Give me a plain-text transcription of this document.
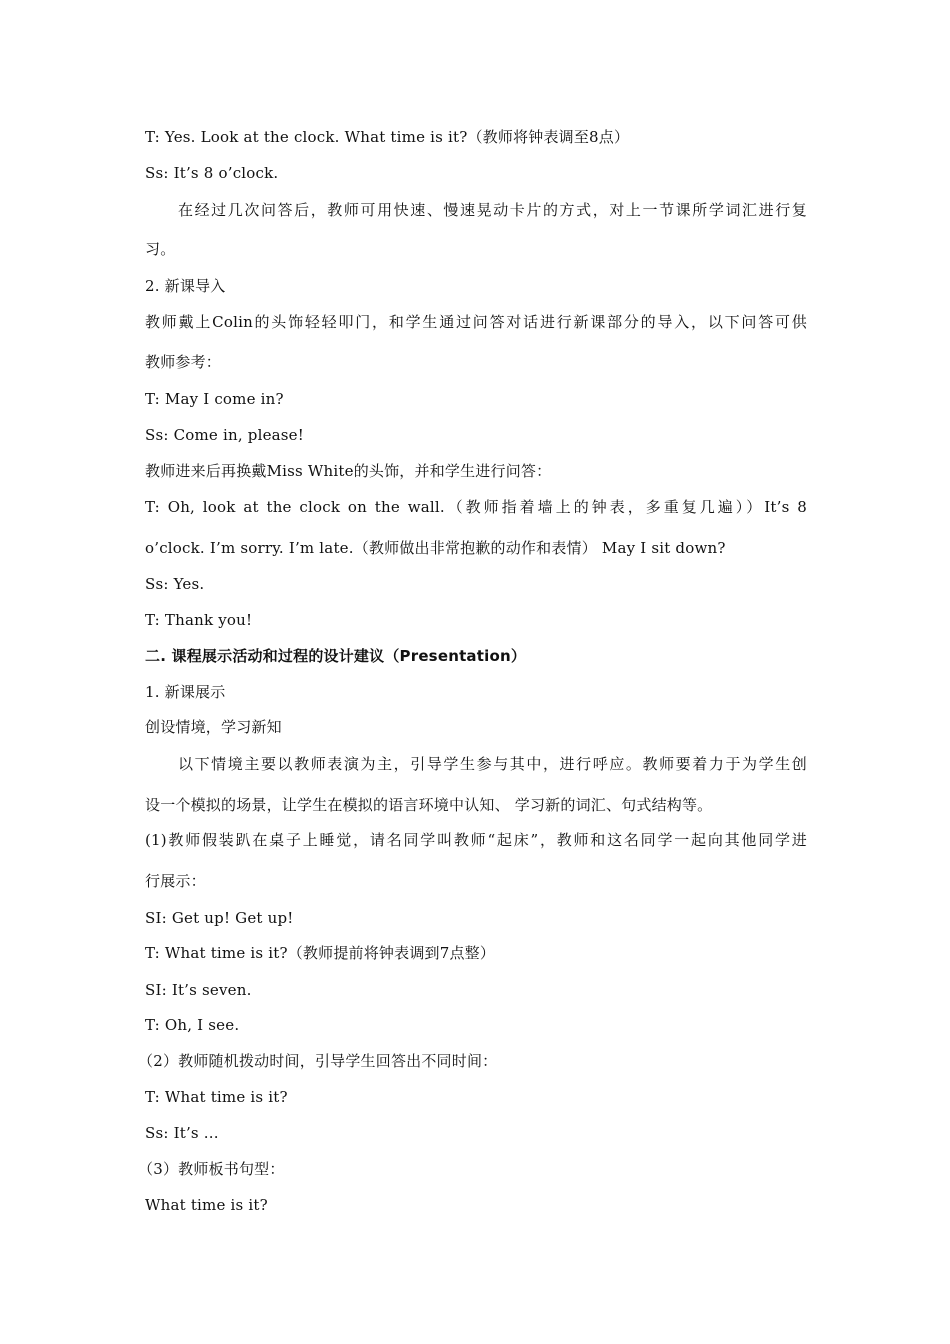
T: Yes. Look at the clock. What time is it?（教师将钟表调至8点）
Ss: It’s 8 o’clock.
在经过几次问答后，教师可用快速、慢速晃动卡片的方式，对上一节课所学词汇进行复
习。
2. 新课导入
教师戴上Colin的头饰轻轻叩门，和学生通过问答对话进行新课部分的导入，以下问答可供
教师参考：
T: May I come in?
Ss: Come in, please!
教师进来后再换戴Miss White的头饰，并和学生进行问答：
T: Oh, look at the clock on the wall.（教师指着墙上的钟表，多重复几遍））It’s 8
o’clock. I’m sorry. I’m late.（教师做出非常抱歉的动作和表情） May I sit down?
Ss: Yes.
T: Thank you!
二. 课程展示活动和过程的设计建议（Presentation）
1. 新课展示
创设情境，学习新知
以下情境主要以教师表演为主，引导学生参与其中，进行呼应。教师要着力于为学生创
设一个模拟的场景，让学生在模拟的语言环境中认知、 学习新的词汇、句式结构等。
(1)教师假装趴在桌子上睡觉，请名同学叫教师“起床”，教师和这名同学一起向其他同学进
行展示：
SI: Get up! Get up!
T: What time is it?（教师提前将钟表调到7点整）
SI: It’s seven.
T: Oh, I see.
（2）教师随机拨动时间，引导学生回答出不同时间：
T: What time is it?
Ss: It’s ...
（3）教师板书句型：
What time is it?
